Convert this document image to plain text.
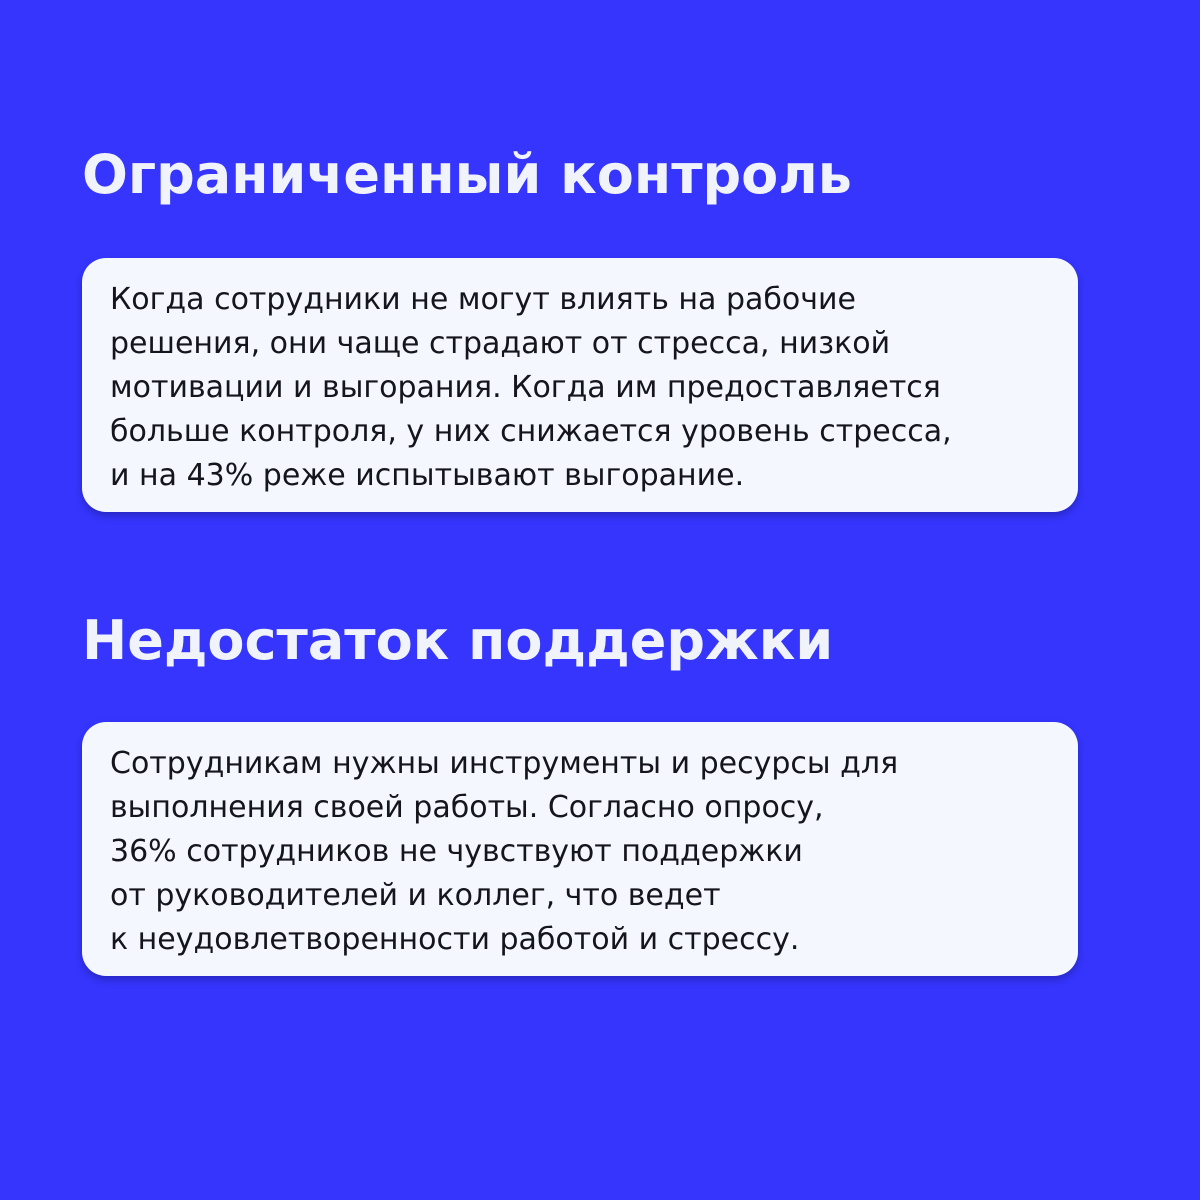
Ограниченный контроль
Когда сотрудники не могут влиять на рабочие
решения, они чаще страдают от стресса, низкой
мотивации и выгорания. Когда им предоставляется
больше контроля, у них снижается уровень стресса,
и на 43% реже испытывают выгорание.
Недостаток поддержки
Сотрудникам нужны инструменты и ресурсы для
выполнения своей работы. Согласно опросу,
36% сотрудников не чувствуют поддержки
от руководителей и коллег, что ведет
к неудовлетворенности работой и стрессу.
